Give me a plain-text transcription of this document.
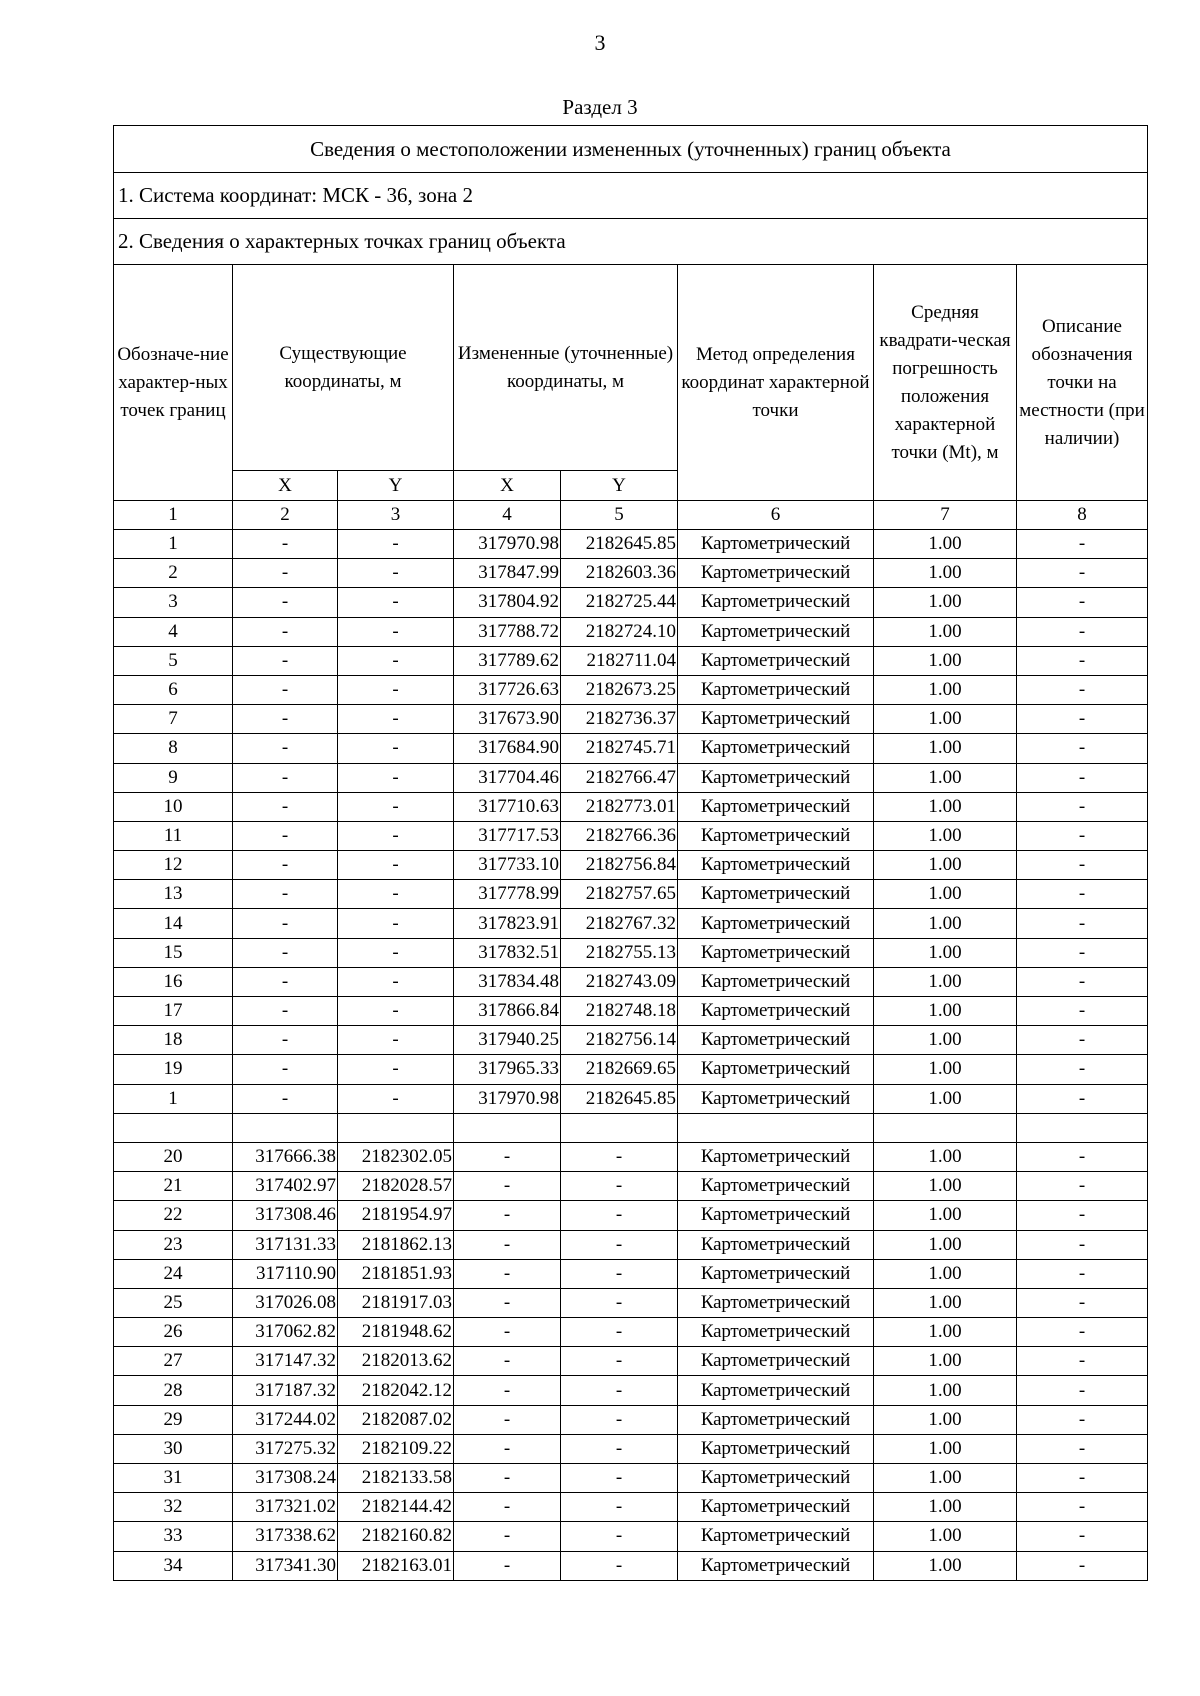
3
Раздел 3
Сведения о местоположении измененных (уточненных) границ объекта							
1. Система координат: МСК - 36, зона 2							
2. Сведения о характерных точках границ объекта							
Обозначе-ние характер-ных точек границ	Существующие координаты, м		Измененные (уточненные) координаты, м		Метод определения координат характерной точки	Средняя квадрати-ческая погрешность положения характерной точки (Mt), м	Описание обозначения точки на местности (при наличии)
	X	Y	X	Y			
1	2	3	4	5	6	7	8
1	-	-	317970.98	2182645.85	Картометрический	1.00	-
2	-	-	317847.99	2182603.36	Картометрический	1.00	-
3	-	-	317804.92	2182725.44	Картометрический	1.00	-
4	-	-	317788.72	2182724.10	Картометрический	1.00	-
5	-	-	317789.62	2182711.04	Картометрический	1.00	-
6	-	-	317726.63	2182673.25	Картометрический	1.00	-
7	-	-	317673.90	2182736.37	Картометрический	1.00	-
8	-	-	317684.90	2182745.71	Картометрический	1.00	-
9	-	-	317704.46	2182766.47	Картометрический	1.00	-
10	-	-	317710.63	2182773.01	Картометрический	1.00	-
11	-	-	317717.53	2182766.36	Картометрический	1.00	-
12	-	-	317733.10	2182756.84	Картометрический	1.00	-
13	-	-	317778.99	2182757.65	Картометрический	1.00	-
14	-	-	317823.91	2182767.32	Картометрический	1.00	-
15	-	-	317832.51	2182755.13	Картометрический	1.00	-
16	-	-	317834.48	2182743.09	Картометрический	1.00	-
17	-	-	317866.84	2182748.18	Картометрический	1.00	-
18	-	-	317940.25	2182756.14	Картометрический	1.00	-
19	-	-	317965.33	2182669.65	Картометрический	1.00	-
1	-	-	317970.98	2182645.85	Картометрический	1.00	-

20	317666.38	2182302.05	-	-	Картометрический	1.00	-
21	317402.97	2182028.57	-	-	Картометрический	1.00	-
22	317308.46	2181954.97	-	-	Картометрический	1.00	-
23	317131.33	2181862.13	-	-	Картометрический	1.00	-
24	317110.90	2181851.93	-	-	Картометрический	1.00	-
25	317026.08	2181917.03	-	-	Картометрический	1.00	-
26	317062.82	2181948.62	-	-	Картометрический	1.00	-
27	317147.32	2182013.62	-	-	Картометрический	1.00	-
28	317187.32	2182042.12	-	-	Картометрический	1.00	-
29	317244.02	2182087.02	-	-	Картометрический	1.00	-
30	317275.32	2182109.22	-	-	Картометрический	1.00	-
31	317308.24	2182133.58	-	-	Картометрический	1.00	-
32	317321.02	2182144.42	-	-	Картометрический	1.00	-
33	317338.62	2182160.82	-	-	Картометрический	1.00	-
34	317341.30	2182163.01	-	-	Картометрический	1.00	-
